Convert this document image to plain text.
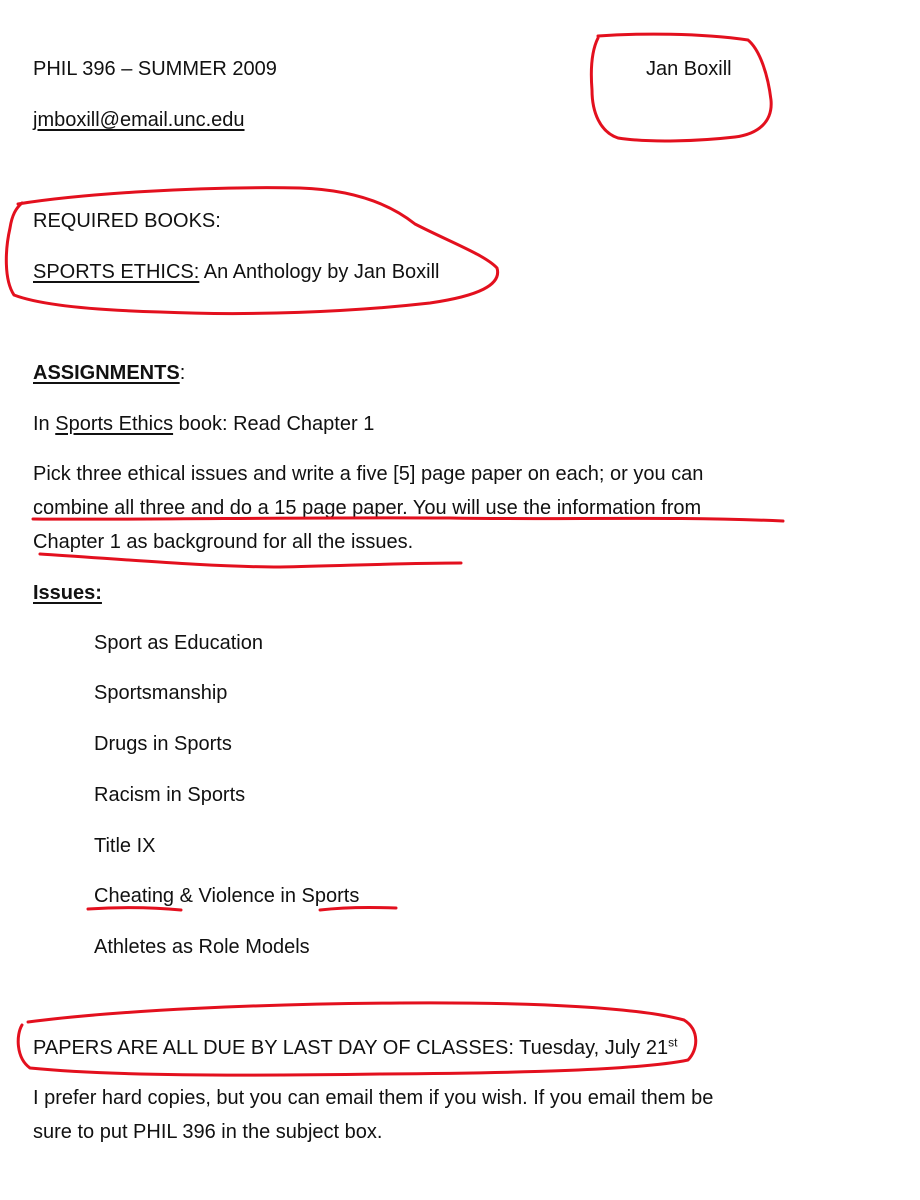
PHIL 396 – SUMMER 2009	Jan Boxill
jmboxill@email.unc.edu
REQUIRED BOOKS:
SPORTS ETHICS: An Anthology by Jan Boxill
ASSIGNMENTS:
In Sports Ethics book: Read Chapter 1
Pick three ethical issues and write a five [5] page paper on each; or you can
combine all three and do a 15 page paper. You will use the information from
Chapter 1 as background for all the issues.
Issues:
Sport as Education
Sportsmanship
Drugs in Sports
Racism in Sports
Title IX
Cheating & Violence in Sports
Athletes as Role Models
PAPERS ARE ALL DUE BY LAST DAY OF CLASSES: Tuesday, July 21st
I prefer hard copies, but you can email them if you wish. If you email them be
sure to put PHIL 396 in the subject box.
